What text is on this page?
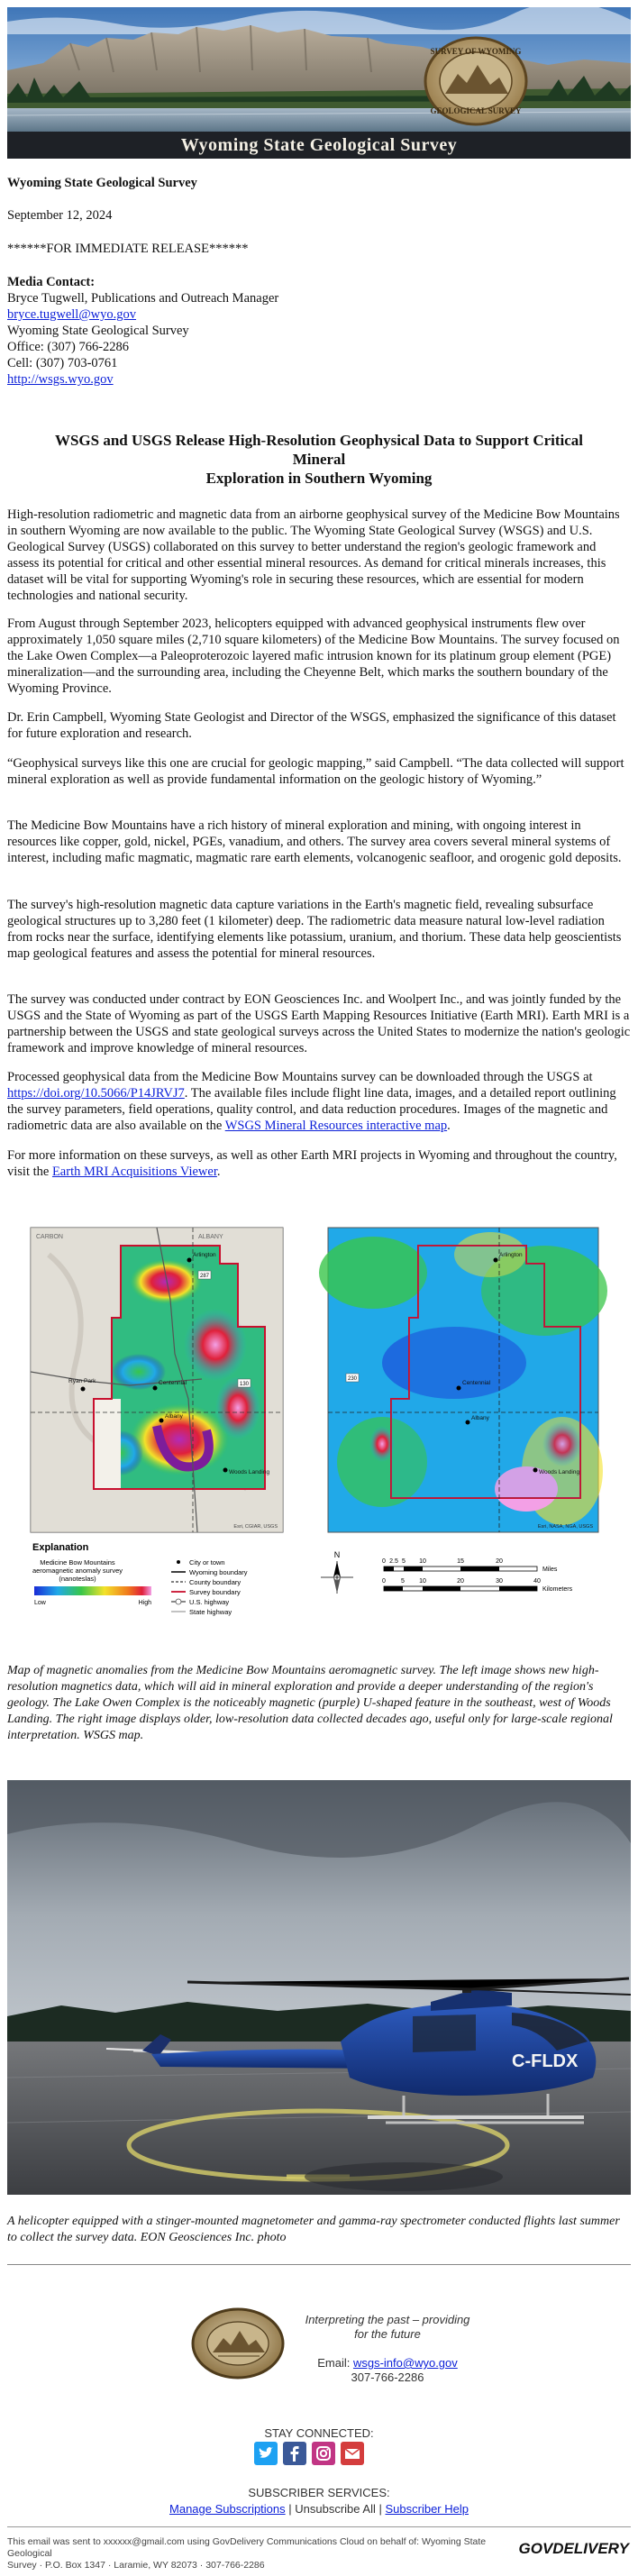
SURVEY OF WYOMING
GEOLOGICAL SURVEY
Wyoming State Geological Survey
Wyoming State Geological Survey
September 12, 2024
******FOR IMMEDIATE RELEASE******
Media Contact:
Bryce Tugwell, Publications and Outreach Manager
bryce.tugwell@wyo.gov
Wyoming State Geological Survey
Office: (307) 766-2286
Cell: (307) 703-0761
http://wsgs.wyo.gov
WSGS and USGS Release High-Resolution Geophysical Data to Support Critical Mineral
Exploration in Southern Wyoming
High-resolution radiometric and magnetic data from an airborne geophysical survey of the Medicine Bow Mountains in southern Wyoming are now available to the public. The Wyoming State Geological Survey (WSGS) and U.S. Geological Survey (USGS) collaborated on this survey to better understand the region's geologic framework and assess its potential for critical and other essential mineral resources. As demand for critical minerals increases, this dataset will be vital for supporting Wyoming's role in securing these resources, which are essential for modern technologies and national security.
From August through September 2023, helicopters equipped with advanced geophysical instruments flew over approximately 1,050 square miles (2,710 square kilometers) of the Medicine Bow Mountains. The survey focused on the Lake Owen Complex—a Paleoproterozoic layered mafic intrusion known for its platinum group element (PGE) mineralization—and the surrounding area, including the Cheyenne Belt, which marks the southern boundary of the Wyoming Province.
Dr. Erin Campbell, Wyoming State Geologist and Director of the WSGS, emphasized the significance of this dataset for future exploration and research.
“Geophysical surveys like this one are crucial for geologic mapping,” said Campbell. “The data collected will support mineral exploration as well as provide fundamental information on the geologic history of Wyoming.”
The Medicine Bow Mountains have a rich history of mineral exploration and mining, with ongoing interest in resources like copper, gold, nickel, PGEs, vanadium, and others. The survey area covers several mineral systems of interest, including mafic magmatic, magmatic rare earth elements, volcanogenic seafloor, and orogenic gold deposits.
The survey's high-resolution magnetic data capture variations in the Earth's magnetic field, revealing subsurface geological structures up to 3,280 feet (1 kilometer) deep. The radiometric data measure natural low-level radiation from rocks near the surface, identifying elements like potassium, uranium, and thorium. These data help geoscientists map geological features and assess the potential for mineral resources.
The survey was conducted under contract by EON Geosciences Inc. and Woolpert Inc., and was jointly funded by the USGS and the State of Wyoming as part of the USGS Earth Mapping Resources Initiative (Earth MRI). Earth MRI is a partnership between the USGS and state geological surveys across the United States to modernize the nation's geologic framework and improve knowledge of mineral resources.
Processed geophysical data from the Medicine Bow Mountains survey can be downloaded through the USGS at https://doi.org/10.5066/P14JRVJ7. The available files include flight line data, images, and a detailed report outlining the survey parameters, field operations, quality control, and data reduction procedures. Images of the magnetic and radiometric data are also available on the WSGS Mineral Resources interactive map.
For more information on these surveys, as well as other Earth MRI projects in Wyoming and throughout the country, visit the Earth MRI Acquisitions Viewer.
CARBON	ALBANY
Arlington
Ryan Park	Centennial
Albany
Woods Landing
130
287
Esri, CGIAR, USGS
Arlington
Centennial
Albany
Woods Landing
230
Esri, NASA, NGA, USGS
Explanation
Medicine Bow Mountains
aeromagnetic anomaly survey
(nanoteslas)
Low	High
City or town
Wyoming boundary
County boundary
Survey boundary
U.S. highway
State highway
N
0 2.5 5 10	15	20
Miles
0 5 10	20	30	40
Kilometers
Map of magnetic anomalies from the Medicine Bow Mountains aeromagnetic survey. The left image shows new high-resolution magnetics data, which will aid in mineral exploration and provide a deeper understanding of the region's geology. The Lake Owen Complex is the noticeably magnetic (purple) U-shaped feature in the southeast, west of Woods Landing. The right image displays older, low-resolution data collected decades ago, useful only for large-scale regional interpretation. WSGS map.
C-FLDX
A helicopter equipped with a stinger-mounted magnetometer and gamma-ray spectrometer conducted flights last summer to collect the survey data. EON Geosciences Inc. photo
Interpreting the past – providing
for the future
Email: wsgs-info@wyo.gov
307-766-2286
STAY CONNECTED:
SUBSCRIBER SERVICES:
Manage Subscriptions | Unsubscribe All | Subscriber Help
This email was sent to xxxxxx@gmail.com using GovDelivery Communications Cloud on behalf of: Wyoming State Geological
Survey · P.O. Box 1347 · Laramie, WY 82073 · 307-766-2286
GOVDELIVERY
